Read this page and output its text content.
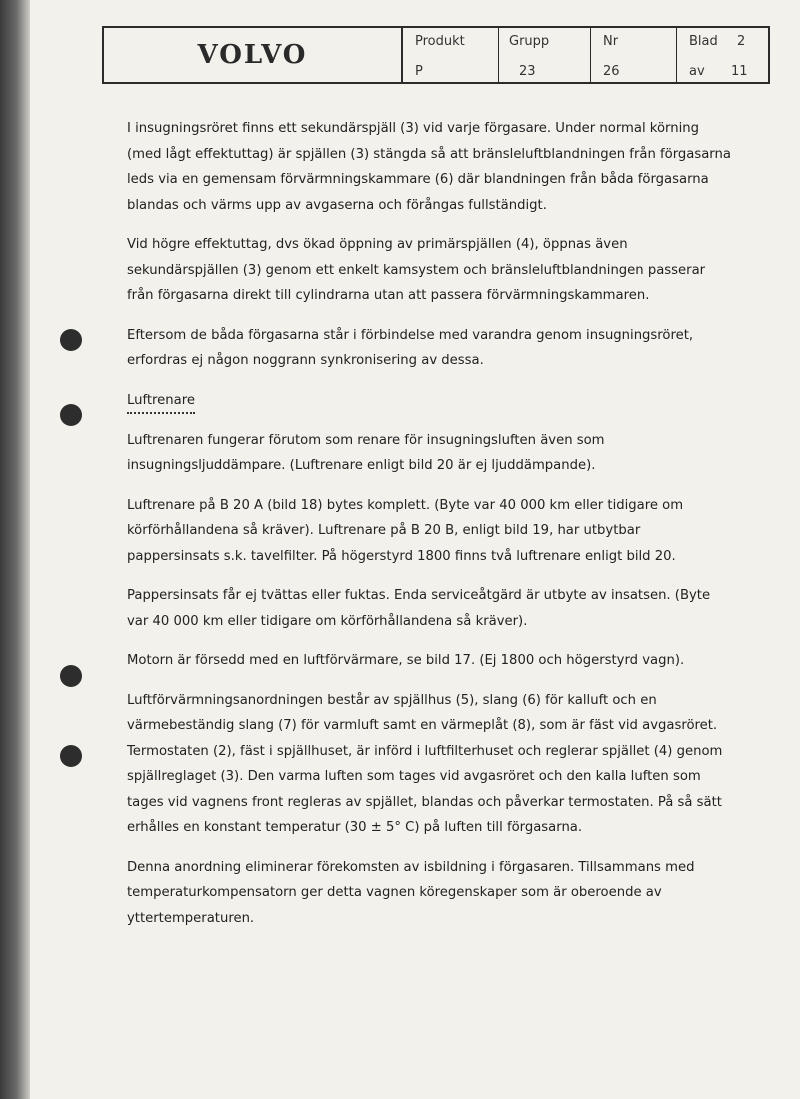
VOLVO	Produkt
P
Grupp
23
Nr
26
Blad 2
av 11

I insugningsröret finns ett sekundärspjäll (3) vid varje förgasare. Under normal körning (med lågt effektuttag) är spjällen (3) stängda så att bränsleluftblandningen från förgasarna leds via en gemensam förvärmningskammare (6) där blandningen från båda förgasarna blandas och värms upp av avgaserna och förångas fullständigt.

Vid högre effektuttag, dvs ökad öppning av primärspjällen (4), öppnas även sekundärspjällen (3) genom ett enkelt kamsystem och bränsleluftblandningen passerar från förgasarna direkt till cylindrarna utan att passera förvärmningskammaren.

Eftersom de båda förgasarna står i förbindelse med varandra genom insugningsröret, erfordras ej någon noggrann synkronisering av dessa.

Luftrenare

Luftrenaren fungerar förutom som renare för insugningsluften även som insugningsljuddämpare. (Luftrenare enligt bild 20 är ej ljuddämpande).

Luftrenare på B 20 A (bild 18) bytes komplett. (Byte var 40 000 km eller tidigare om körförhållandena så kräver). Luftrenare på B 20 B, enligt bild 19, har utbytbar pappersinsats s.k. tavelfilter. På högerstyrd 1800 finns två luftrenare enligt bild 20.

Pappersinsats får ej tvättas eller fuktas. Enda serviceåtgärd är utbyte av insatsen. (Byte var 40 000 km eller tidigare om körförhållandena så kräver).

Motorn är försedd med en luftförvärmare, se bild 17. (Ej 1800 och högerstyrd vagn).

Luftförvärmningsanordningen består av spjällhus (5), slang (6) för kalluft och en värmebeständig slang (7) för varmluft samt en värmeplåt (8), som är fäst vid avgasröret. Termostaten (2), fäst i spjällhuset, är införd i luftfilterhuset och reglerar spjället (4) genom spjällreglaget (3). Den varma luften som tages vid avgasröret och den kalla luften som tages vid vagnens front regleras av spjället, blandas och påverkar termostaten. På så sätt erhålles en konstant temperatur (30 ± 5° C) på luften till förgasarna.

Denna anordning eliminerar förekomsten av isbildning i förgasaren. Tillsammans med temperaturkompensatorn ger detta vagnen köregenskaper som är oberoende av yttertemperaturen.
